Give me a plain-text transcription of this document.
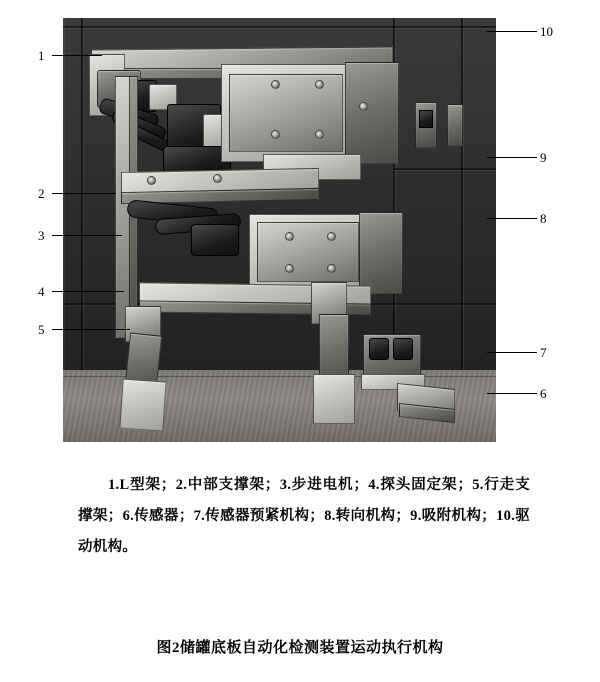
1
2
3
4
5
10
9
8
7
6
1.L型架；2.中部支撑架；3.步进电机；4.探头固定架；5.行走支撑架；6.传感器；7.传感器预紧机构；8.转向机构；9.吸附机构；10.驱动机构。
图2储罐底板自动化检测装置运动执行机构
